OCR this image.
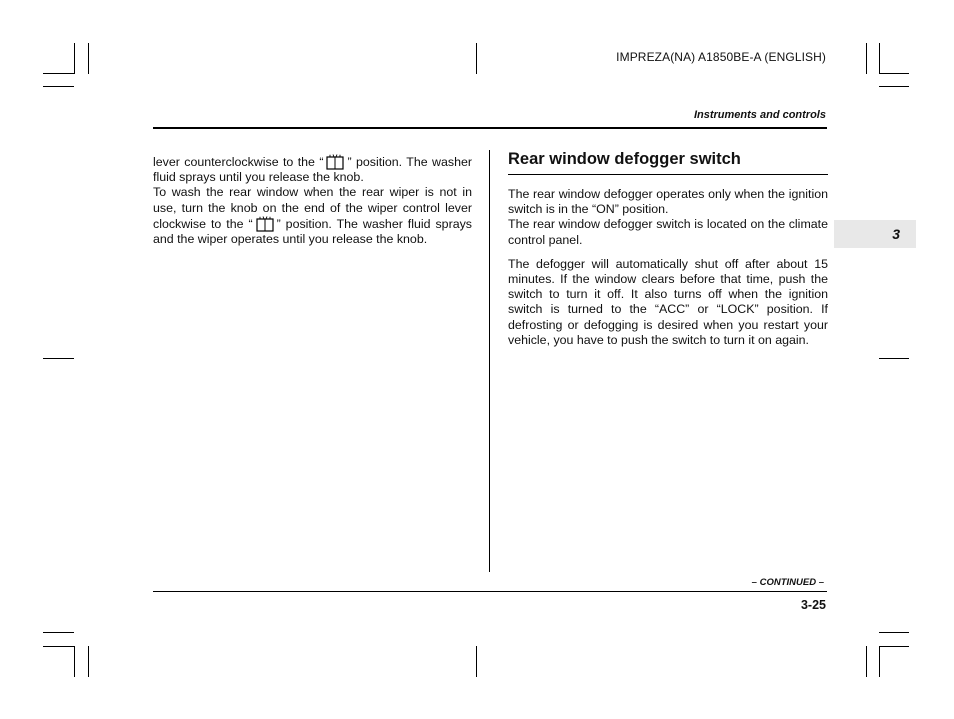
IMPREZA(NA) A1850BE-A (ENGLISH)
Instruments and controls

lever counterclockwise to the “ ” position. The washer fluid sprays until you release the knob.
To wash the rear window when the rear wiper is not in use, turn the knob on the end of the wiper control lever clockwise to the “ ” position. The washer fluid sprays and the wiper operates until you release the knob.

Rear window defogger switch

The rear window defogger operates only when the ignition switch is in the “ON” position.
The rear window defogger switch is located on the climate control panel.

The defogger will automatically shut off after about 15 minutes. If the window clears before that time, push the switch to turn it off. It also turns off when the ignition switch is turned to the “ACC” or “LOCK” position. If defrosting or defogging is desired when you restart your vehicle, you have to push the switch to turn it on again.

3
– CONTINUED –
3-25
